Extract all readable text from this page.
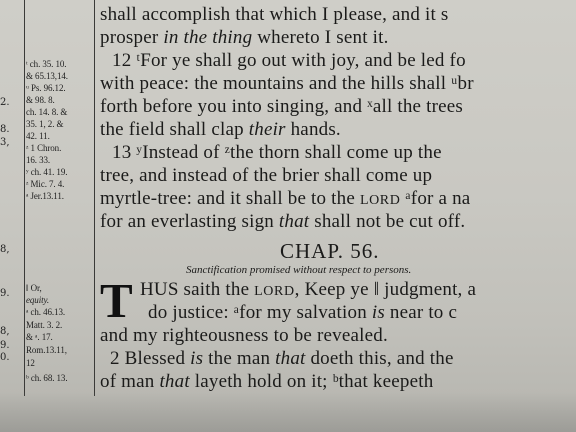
2.
8.
3,
8,
9.
8,
9.
0.
ᵗ ch. 35. 10.
& 65.13,14.
ᵘ Ps. 96.12.
& 98. 8.
ch. 14. 8. &
35. 1, 2. &
42. 11.
ᶻ 1 Chron.
16. 33.
ʸ ch. 41. 19.
ᶻ Mic. 7. 4.
ᵃ Jer.13.11.
‖ Or,
equity.
ᵃ ch. 46.13.
Matt. 3. 2.
& ᵃ. 17.
Rom.13.11,
12
ᵇ ch. 68. 13.
shall accomplish that which I please, and it s
prosper in the thing whereto I sent it.
12 ᵗFor ye shall go out with joy, and be led fo
with peace: the mountains and the hills shall ᵘbr
forth before you into singing, and ˣall the trees
the field shall clap their hands.
13 ʸInstead of ᶻthe thorn shall come up the
tree, and instead of the brier shall come up
myrtle-tree: and it shall be to the LORD ᵃfor a na
for an everlasting sign that shall not be cut off.
CHAP. 56.
Sanctification promised without respect to persons.
T HUS saith the LORD, Keep ye ‖ judgment, a
do justice: ᵃfor my salvation is near to c
and my righteousness to be revealed.
2 Blessed is the man that doeth this, and the
of man that layeth hold on it; ᵇthat keepeth
